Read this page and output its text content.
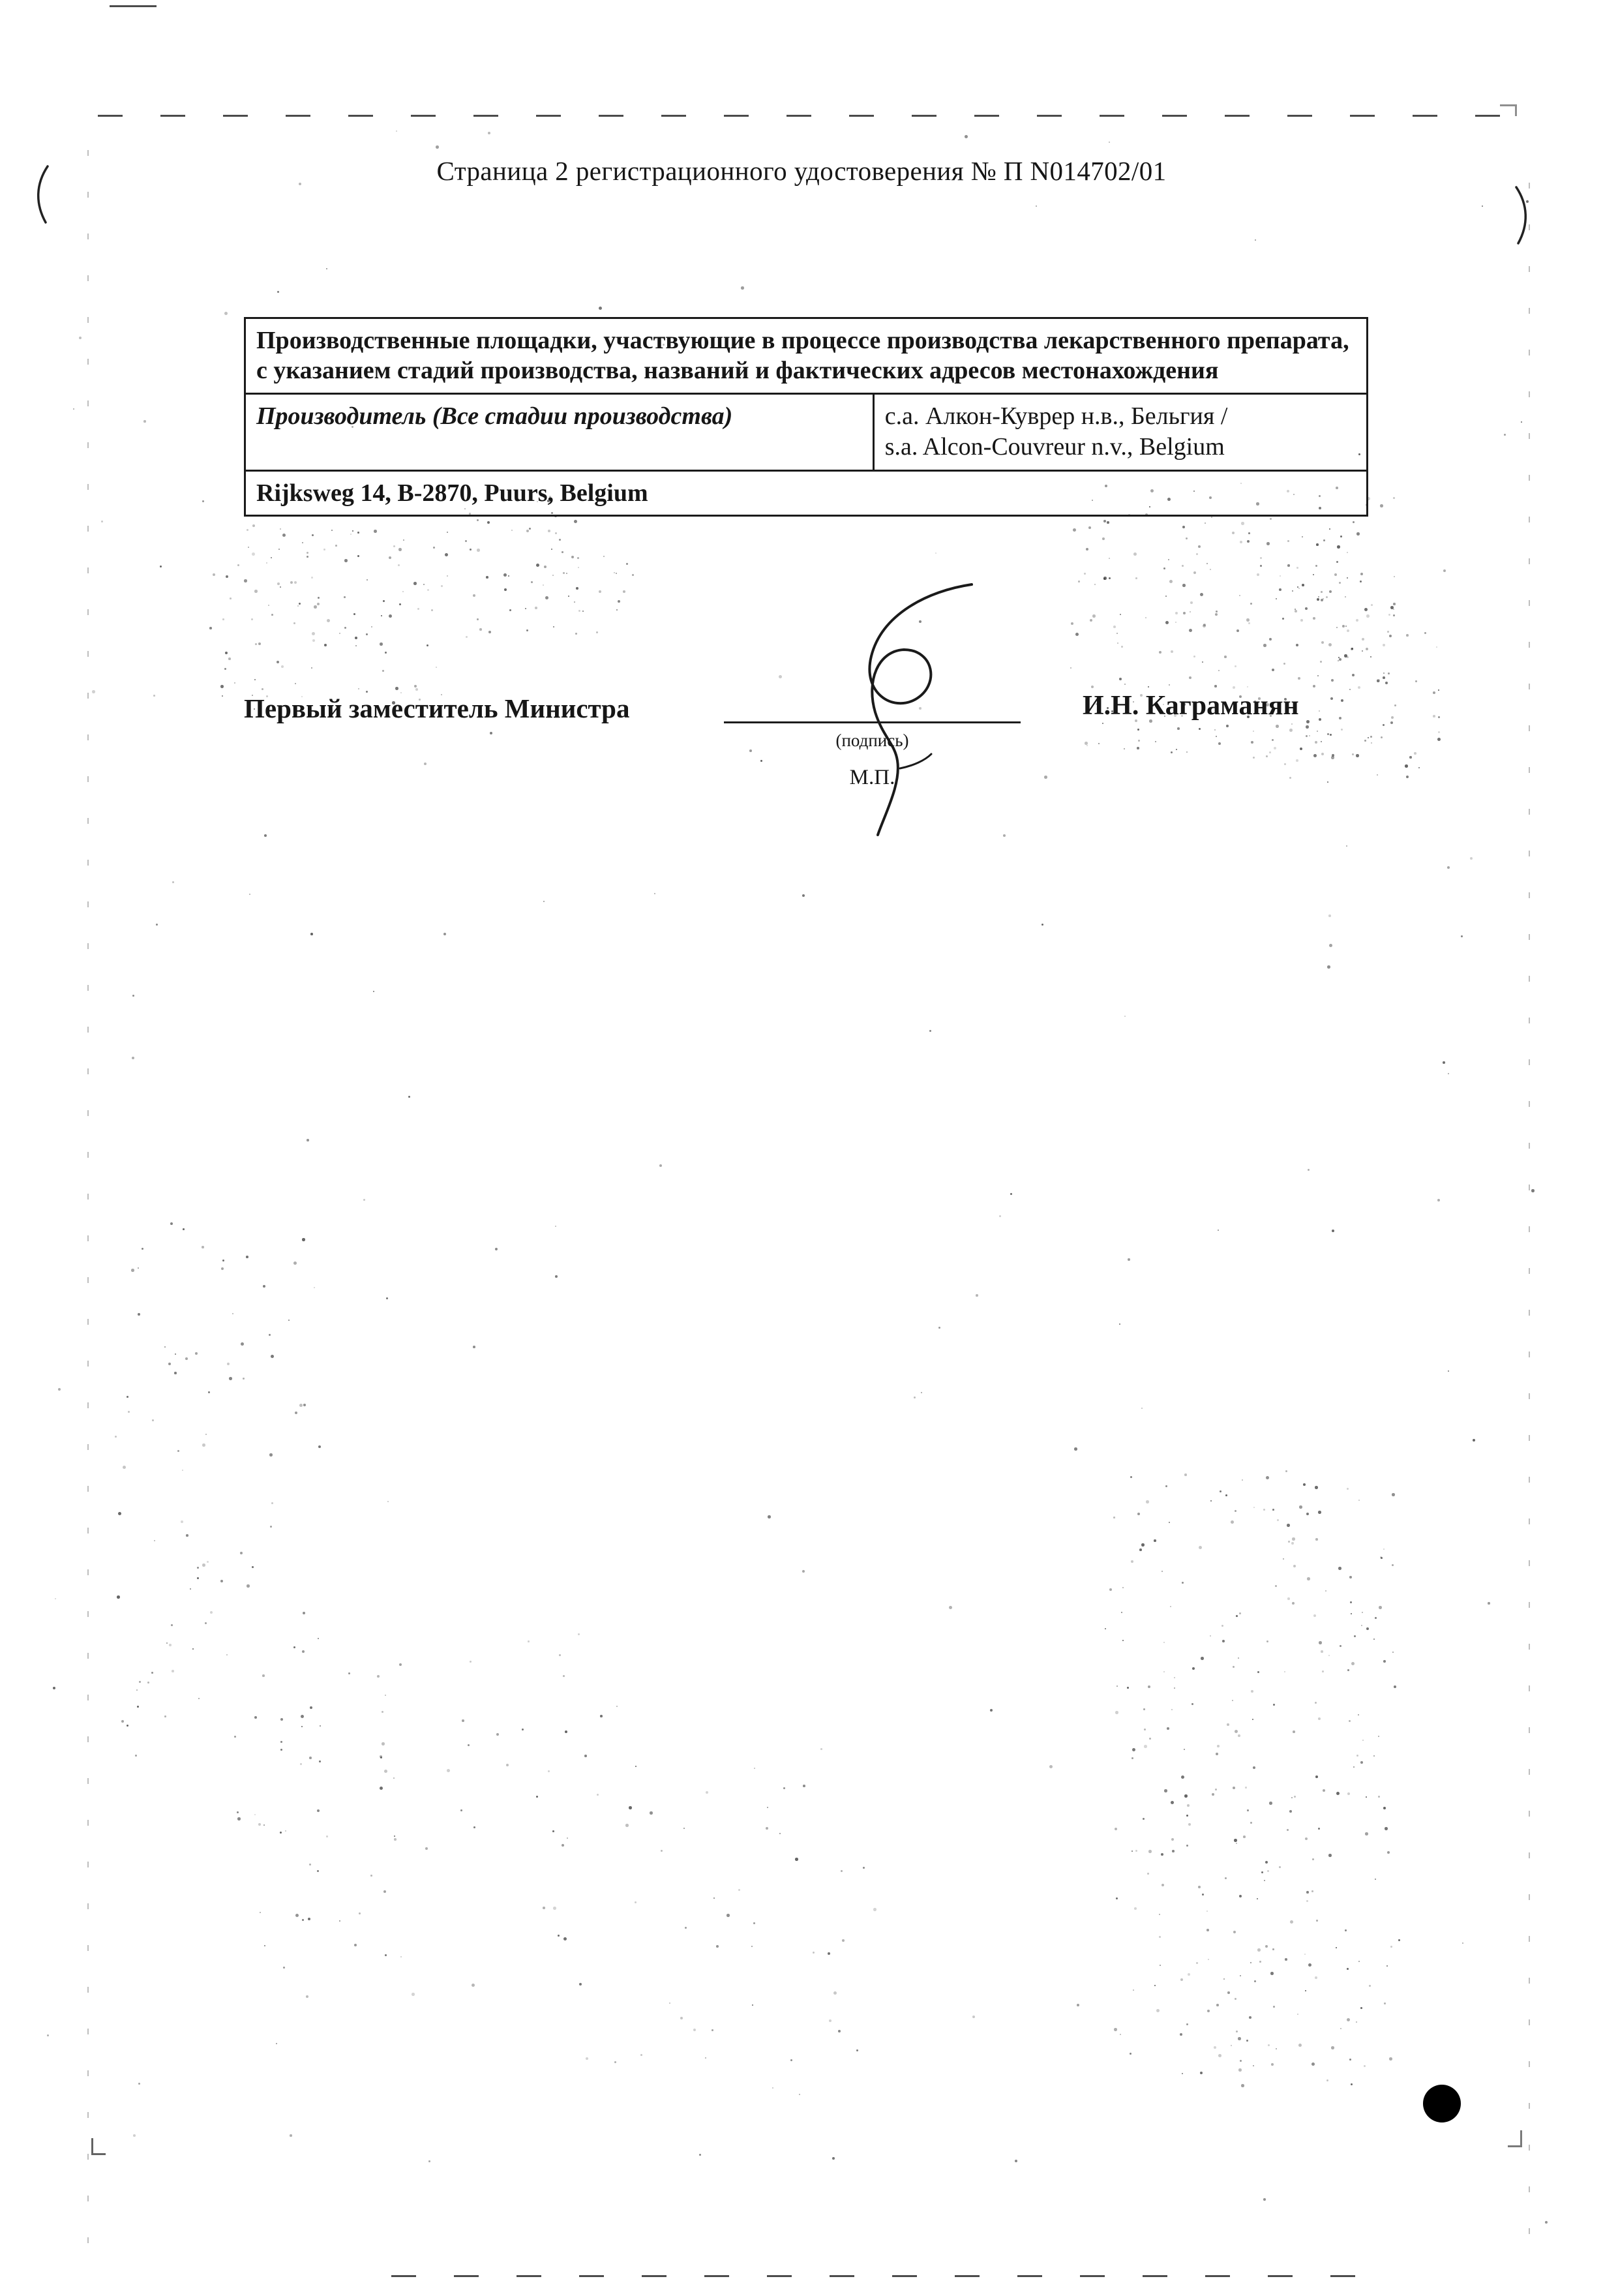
Страница 2 регистрационного удостоверения № П N014702/01
Производственные площадки, участвующие в процессе производства лекарственного препарата, с указанием стадий производства, названий и фактических адресов местонахождения
Производитель (Все стадии производства)	с.а. Алкон-Куврер н.в., Бельгия /
s.a. Alcon-Couvreur n.v., Belgium

Rijksweg 14, B-2870, Puurs, Belgium
Первый заместитель Министра
(подпись)
М.П.
И.Н. Каграманян
